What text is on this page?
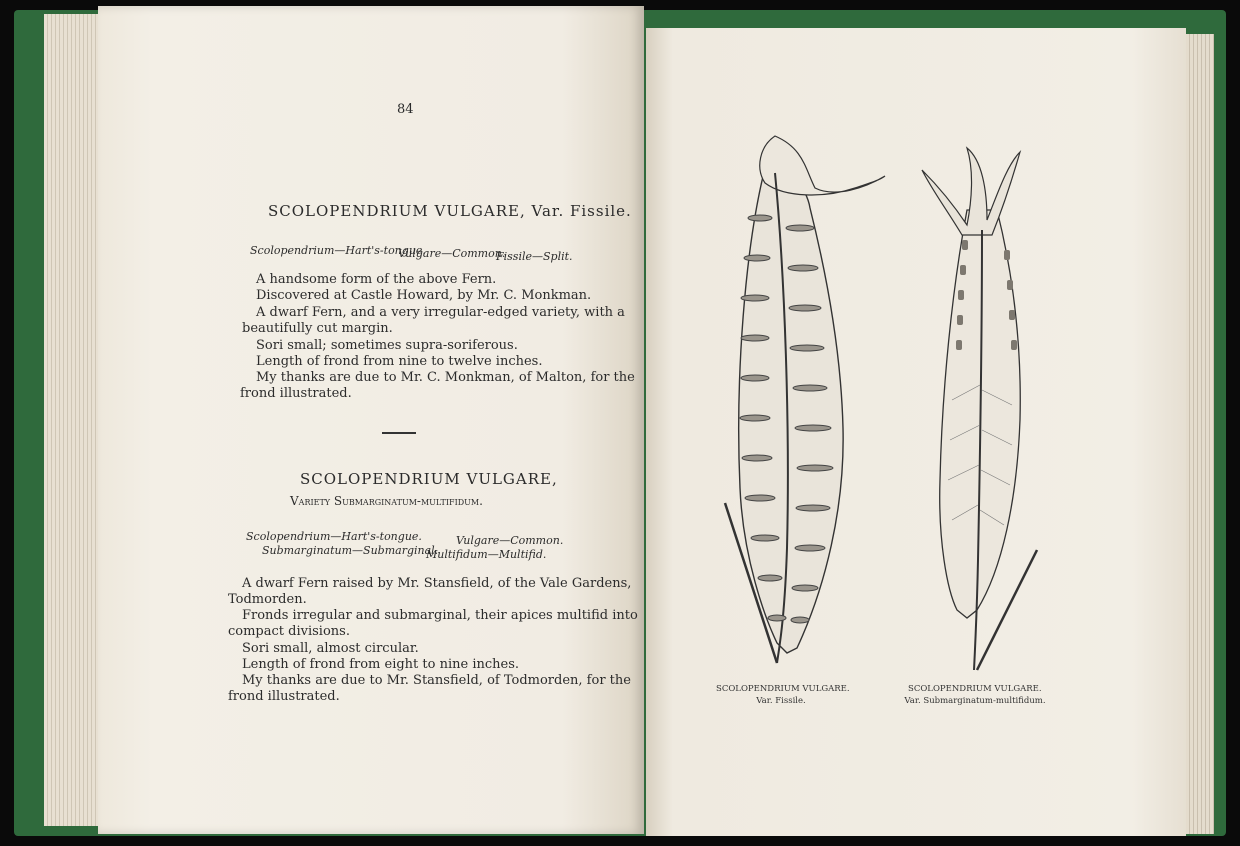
84
SCOLOPENDRIUM VULGARE, Var. Fissile.
Scolopendrium—Hart's-tongue.
Vulgare—Common.
Fissile—Split.
A handsome form of the above Fern.
Discovered at Castle Howard, by Mr. C. Monkman.
A dwarf Fern, and a very irregular-edged variety, with a
beautifully cut margin.
Sori small; sometimes supra-soriferous.
Length of frond from nine to twelve inches.
My thanks are due to Mr. C. Monkman, of Malton, for the
frond illustrated.
SCOLOPENDRIUM VULGARE,
Variety Submarginatum-multifidum.
Scolopendrium—Hart's-tongue.	Vulgare—Common.
Submarginatum—Submarginal.
Multifidum—Multifid.
A dwarf Fern raised by Mr. Stansfield, of the Vale Gardens,
Todmorden.
Fronds irregular and submarginal, their apices multifid into
compact divisions.
Sori small, almost circular.
Length of frond from eight to nine inches.
My thanks are due to Mr. Stansfield, of Todmorden, for the
frond illustrated.	SCOLOPENDRIUM VULGARE.
Var. Fissile.
SCOLOPENDRIUM VULGARE.
Var. Submarginatum-multifidum.
